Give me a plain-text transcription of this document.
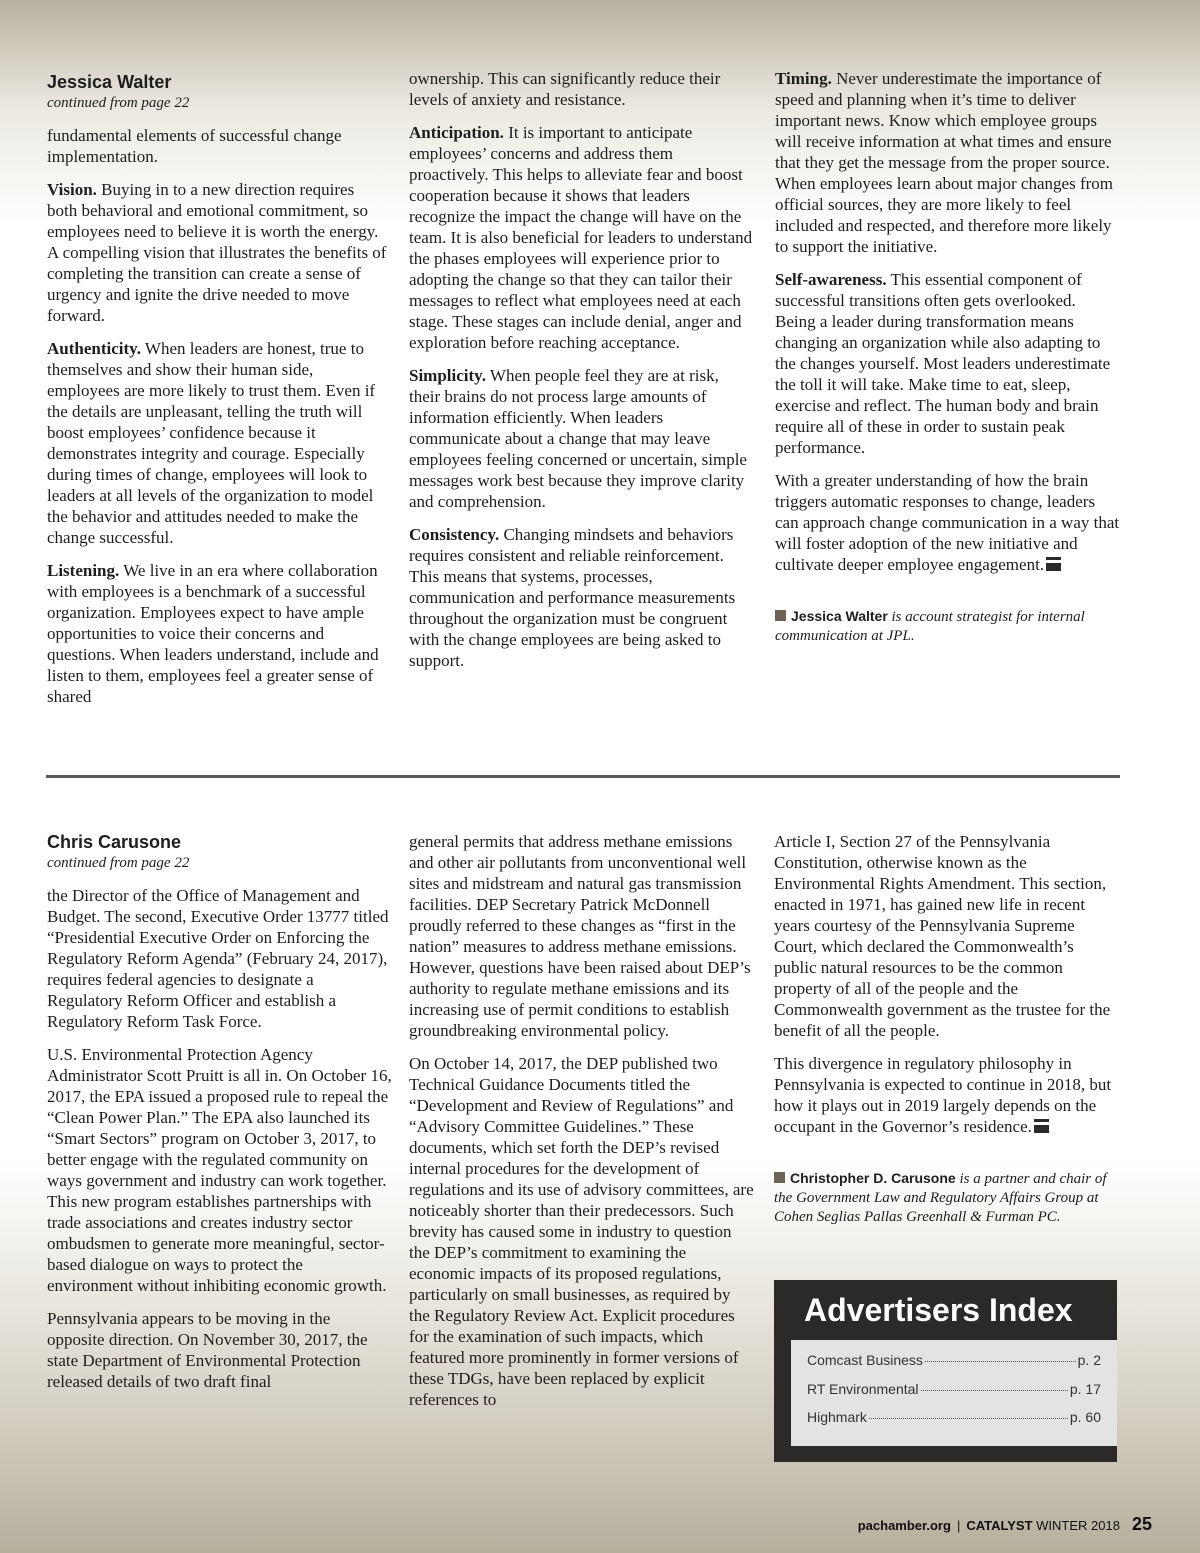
Jessica Walter

continued from page 22

fundamental elements of successful change implementation.

Vision. Buying in to a new direction requires both behavioral and emotional commitment, so employees need to believe it is worth the energy. A compelling vision that illustrates the benefits of completing the transition can create a sense of urgency and ignite the drive needed to move forward.

Authenticity. When leaders are honest, true to themselves and show their human side, employees are more likely to trust them. Even if the details are unpleasant, telling the truth will boost employees’ confidence because it demonstrates integrity and courage. Especially during times of change, employees will look to leaders at all levels of the organization to model the behavior and attitudes needed to make the change successful.

Listening. We live in an era where collaboration with employees is a benchmark of a successful organization. Employees expect to have ample opportunities to voice their concerns and questions. When leaders understand, include and listen to them, employees feel a greater sense of shared

ownership. This can significantly reduce their levels of anxiety and resistance.

Anticipation. It is important to anticipate employees’ concerns and address them proactively. This helps to alleviate fear and boost cooperation because it shows that leaders recognize the impact the change will have on the team. It is also beneficial for leaders to understand the phases employees will experience prior to adopting the change so that they can tailor their messages to reflect what employees need at each stage. These stages can include denial, anger and exploration before reaching acceptance.

Simplicity. When people feel they are at risk, their brains do not process large amounts of information efficiently. When leaders communicate about a change that may leave employees feeling concerned or uncertain, simple messages work best because they improve clarity and comprehension.

Consistency. Changing mindsets and behaviors requires consistent and reliable reinforcement. This means that systems, processes, communication and performance measurements throughout the organization must be congruent with the change employees are being asked to support.

Timing. Never underestimate the importance of speed and planning when it’s time to deliver important news. Know which employee groups will receive information at what times and ensure that they get the message from the proper source. When employees learn about major changes from official sources, they are more likely to feel included and respected, and therefore more likely to support the initiative.

Self-awareness. This essential component of successful transitions often gets overlooked. Being a leader during transformation means changing an organization while also adapting to the changes yourself. Most leaders underestimate the toll it will take. Make time to eat, sleep, exercise and reflect. The human body and brain require all of these in order to sustain peak performance.

With a greater understanding of how the brain triggers automatic responses to change, leaders can approach change communication in a way that will foster adoption of the new initiative and cultivate deeper employee engagement.

Jessica Walter is account strategist for internal communication at JPL.
Chris Carusone

continued from page 22

the Director of the Office of Management and Budget. The second, Executive Order 13777 titled “Presidential Executive Order on Enforcing the Regulatory Reform Agenda” (February 24, 2017), requires federal agencies to designate a Regulatory Reform Officer and establish a Regulatory Reform Task Force.

U.S. Environmental Protection Agency Administrator Scott Pruitt is all in. On October 16, 2017, the EPA issued a proposed rule to repeal the “Clean Power Plan.” The EPA also launched its “Smart Sectors” program on October 3, 2017, to better engage with the regulated community on ways government and industry can work together. This new program establishes partnerships with trade associations and creates industry sector ombudsmen to generate more meaningful, sector-based dialogue on ways to protect the environment without inhibiting economic growth.

Pennsylvania appears to be moving in the opposite direction. On November 30, 2017, the state Department of Environmental Protection released details of two draft final

general permits that address methane emissions and other air pollutants from unconventional well sites and midstream and natural gas transmission facilities. DEP Secretary Patrick McDonnell proudly referred to these changes as “first in the nation” measures to address methane emissions. However, questions have been raised about DEP’s authority to regulate methane emissions and its increasing use of permit conditions to establish groundbreaking environmental policy.

On October 14, 2017, the DEP published two Technical Guidance Documents titled the “Development and Review of Regulations” and “Advisory Committee Guidelines.” These documents, which set forth the DEP’s revised internal procedures for the development of regulations and its use of advisory committees, are noticeably shorter than their predecessors. Such brevity has caused some in industry to question the DEP’s commitment to examining the economic impacts of its proposed regulations, particularly on small businesses, as required by the Regulatory Review Act. Explicit procedures for the examination of such impacts, which featured more prominently in former versions of these TDGs, have been replaced by explicit references to

Article I, Section 27 of the Pennsylvania Constitution, otherwise known as the Environmental Rights Amendment. This section, enacted in 1971, has gained new life in recent years courtesy of the Pennsylvania Supreme Court, which declared the Commonwealth’s public natural resources to be the common property of all of the people and the Commonwealth government as the trustee for the benefit of all the people.

This divergence in regulatory philosophy in Pennsylvania is expected to continue in 2018, but how it plays out in 2019 largely depends on the occupant in the Governor’s residence.

Christopher D. Carusone is a partner and chair of the Government Law and Regulatory Affairs Group at Cohen Seglias Pallas Greenhall & Furman PC.
Advertisers Index
Comcast Business	p. 2
RT Environmental	p. 17
Highmark	p. 60
pachamber.org | CATALYST WINTER 2018 25
